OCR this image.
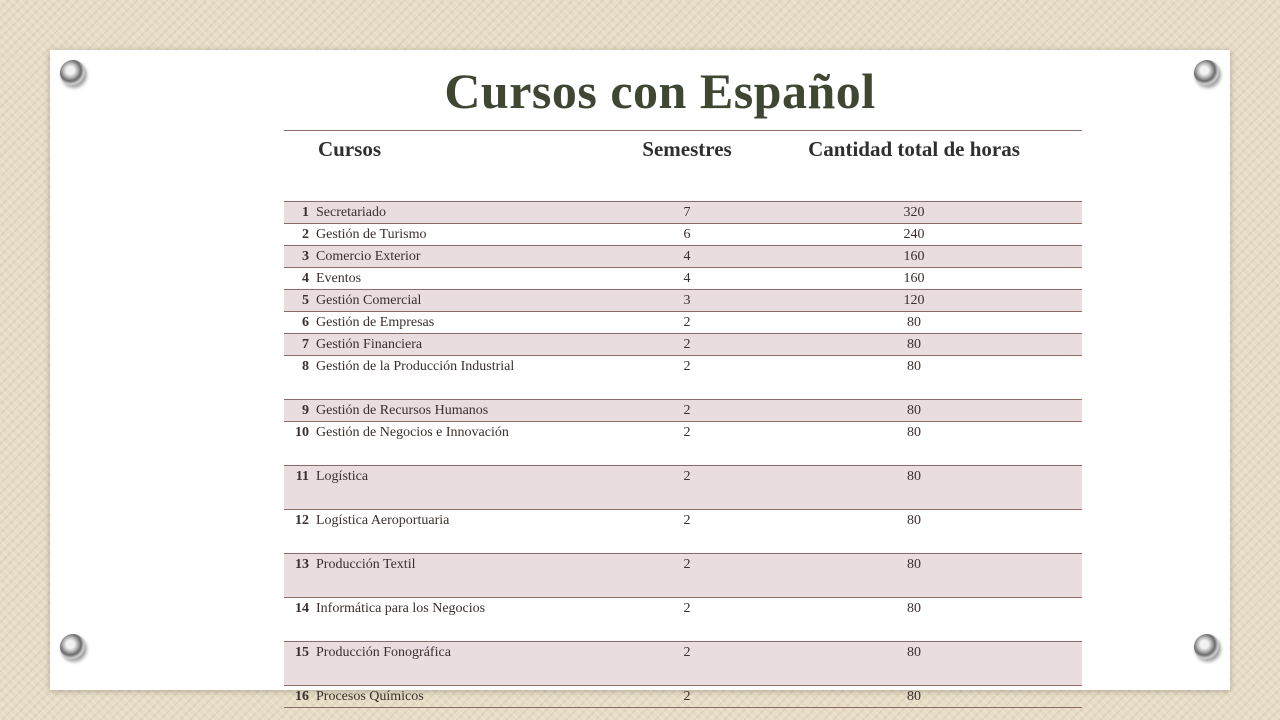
Cursos con Español
Cursos		Semestres	Cantidad total de horas
1	Secretariado	7	320
2	Gestión de Turismo	6	240
3	Comercio Exterior	4	160
4	Eventos	4	160
5	Gestión Comercial	3	120
6	Gestión de Empresas	2	80
7	Gestión Financiera	2	80
8	Gestión de la Producción Industrial	2	80
9	Gestión de Recursos Humanos	2	80
10	Gestión de Negocios e Innovación	2	80
11	Logística	2	80
12	Logística Aeroportuaria	2	80
13	Producción Textil	2	80
14	Informática para los Negocios	2	80
15	Producción Fonográfica	2	80
16	Procesos Químicos	2	80
